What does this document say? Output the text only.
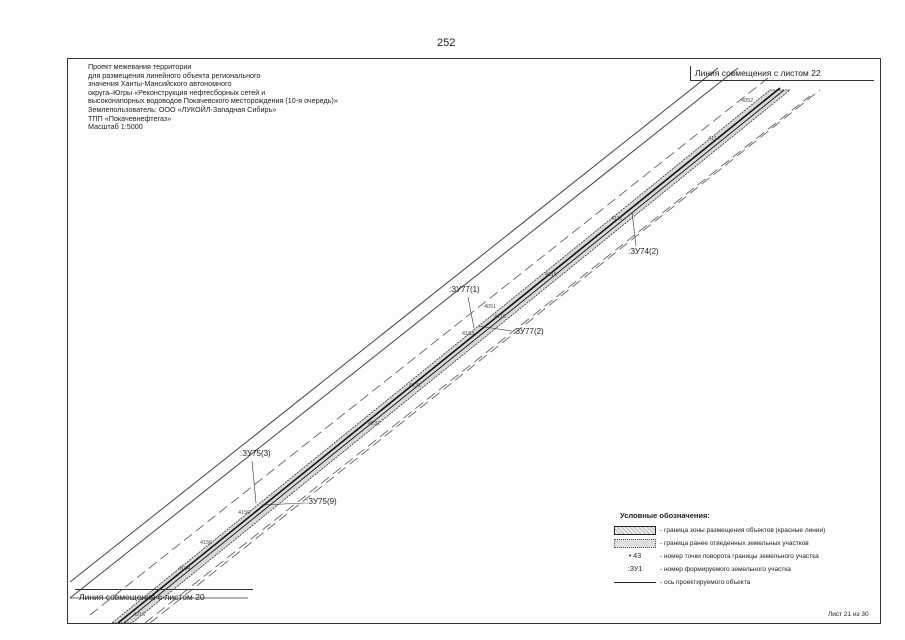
252
Проект межевания территории
для размещения линейного объекта регионального
значения Ханты-Мансийского автономного
округа–Югры «Реконструкция нефтесборных сетей и
высоконапорных водоводов Покачевского месторождения (10-я очередь)»
Землепользователь: ООО «ЛУКОЙЛ-Западная Сибирь»
ТПП «Покачевнефтегаз»
Масштаб 1:5000
Линия совмещения с листом 22
Линия совмещения с листом 20
:ЗУ74(2)
:ЗУ77(1)
:ЗУ77(2)
:ЗУ75(3)
:ЗУ75(9)
4052
4114
4111
4115
4051
4116
4153
4231
4232
4150
4156
4154
4216
Условные обозначения:
- граница зоны размещения объектов (красные линии)
- граница ранее отведенных земельных участков
• 43	- номер точки поворота границы земельного участка
:ЗУ1	- номер формируемого земельного участка
- ось проектируемого объекта
Лист 21 из 30
